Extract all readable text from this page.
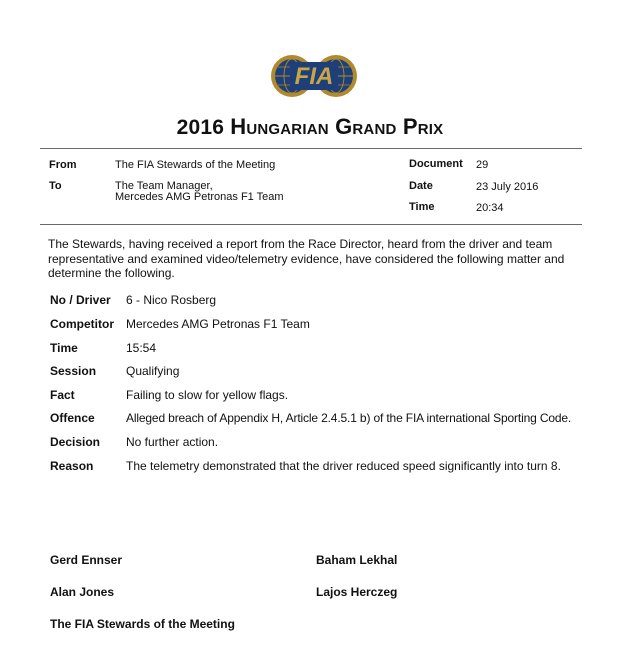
FIA
2016 Hungarian Grand Prix
From	The FIA Stewards of the Meeting
To	The Team Manager,
Mercedes AMG Petronas F1 Team
Document 29
Date	23 July 2016
Time	20:34
The Stewards, having received a report from the Race Director, heard from the driver and team representative and examined video/telemetry evidence, have considered the following matter and determine the following.
No / Driver 6 - Nico Rosberg
Competitor Mercedes AMG Petronas F1 Team
Time	15:54
Session Qualifying
Fact	Failing to slow for yellow flags.
Offence	Alleged breach of Appendix H, Article 2.4.5.1 b) of the FIA international Sporting Code.
Decision No further action.
Reason	The telemetry demonstrated that the driver reduced speed significantly into turn 8.
Gerd Ennser	Baham Lekhal
Alan Jones	Lajos Herczeg
The FIA Stewards of the Meeting
